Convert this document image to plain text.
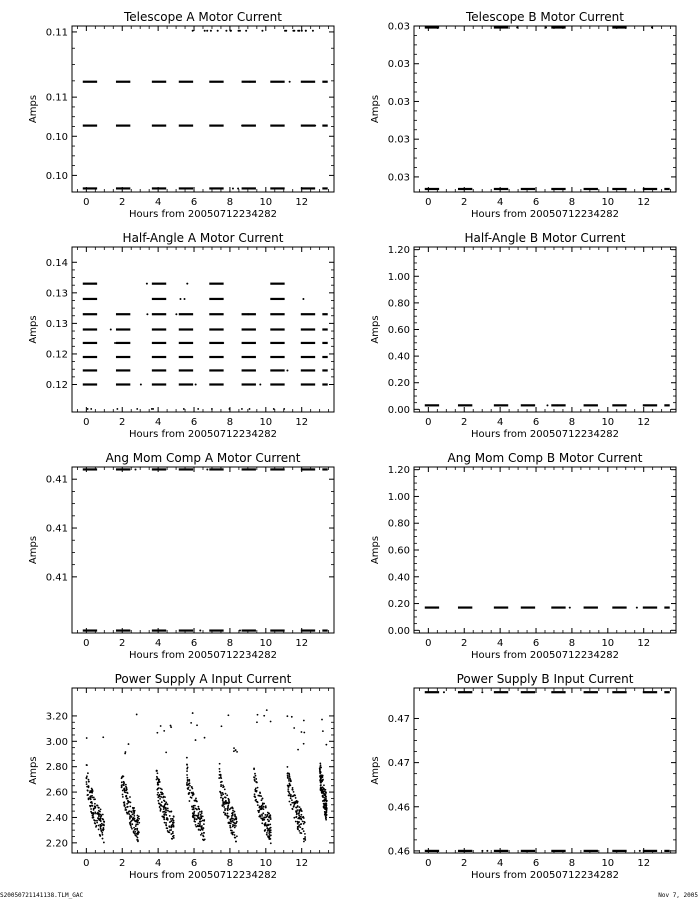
Telescope A Motor Current
0	2	4	6	8	10 12
0.10
0.10
0.11
0.11
Hours from 20050712234282
Amps
Telescope B Motor Current
0	2	4	6	8	10 12
0.03
0.03
0.03
0.03
0.03
Hours from 20050712234282
Amps
Half-Angle A Motor Current
0	2	4	6	8	10 12
0.12
0.12
0.13
0.13
0.14
Hours from 20050712234282
Amps
Half-Angle B Motor Current
0	2	4	6	8	10 12
0.00
0.20
0.40
0.60
0.80
1.00
1.20
Hours from 20050712234282
Amps
Ang Mom Comp A Motor Current
0	2	4	6	8	10 12
0.41
0.41
0.41
Hours from 20050712234282
Amps
Ang Mom Comp B Motor Current
0	2	4	6	8	10 12
0.00
0.20
0.40
0.60
0.80
1.00
1.20
Hours from 20050712234282
Amps
Power Supply A Input Current
0	2	4	6	8	10 12
2.20
2.40
2.60
2.80
3.00
3.20
Hours from 20050712234282
Amps
Power Supply B Input Current
0	2	4	6	8	10 12
0.46
0.46
0.47
0.47
Hours from 20050712234282
Amps
S20050721141138.TLM_GAC	Nov 7, 2005
